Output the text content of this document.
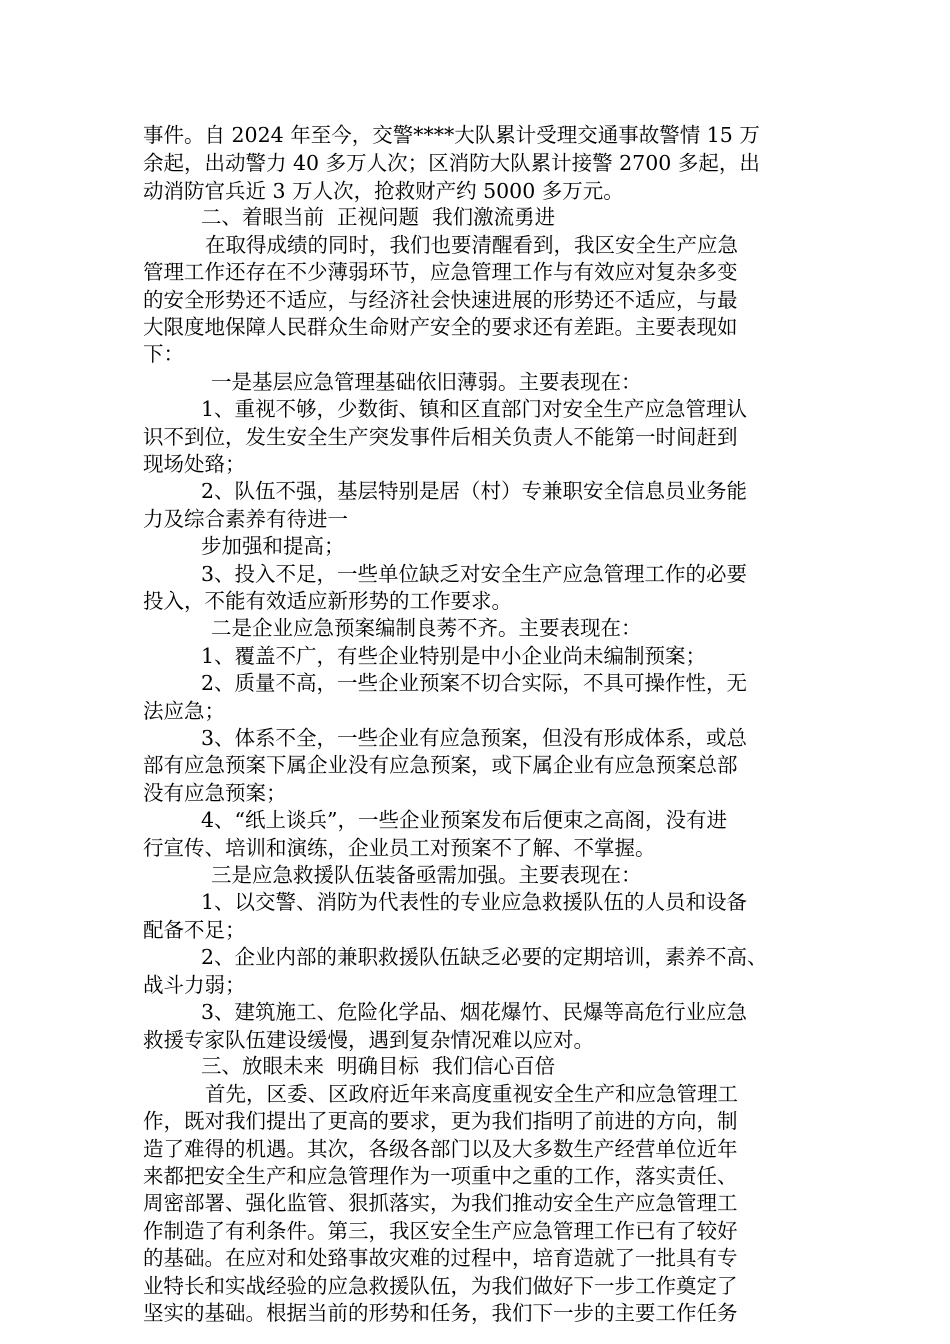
事件。自 2024 年至今，交警****大队累计受理交通事故警情 15 万
余起，出动警力 40 多万人次；区消防大队累计接警 2700 多起，出
动消防官兵近 3 万人次，抢救财产约 5000 多万元。
二、着眼当前  正视问题  我们激流勇进
在取得成绩的同时，我们也要清醒看到，我区安全生产应急
管理工作还存在不少薄弱环节，应急管理工作与有效应对复杂多变
的安全形势还不适应，与经济社会快速进展的形势还不适应，与最
大限度地保障人民群众生命财产安全的要求还有差距。主要表现如
下：
一是基层应急管理基础依旧薄弱。主要表现在：
1、重视不够，少数街、镇和区直部门对安全生产应急管理认
识不到位，发生安全生产突发事件后相关负责人不能第一时间赶到
现场处臵；
2、队伍不强，基层特别是居（村）专兼职安全信息员业务能
力及综合素养有待进一
步加强和提高；
3、投入不足，一些单位缺乏对安全生产应急管理工作的必要
投入，不能有效适应新形势的工作要求。
二是企业应急预案编制良莠不齐。主要表现在：
1、覆盖不广，有些企业特别是中小企业尚未编制预案；
2、质量不高，一些企业预案不切合实际，不具可操作性，无
法应急；
3、体系不全，一些企业有应急预案，但没有形成体系，或总
部有应急预案下属企业没有应急预案，或下属企业有应急预案总部
没有应急预案；
4、“纸上谈兵”，一些企业预案发布后便束之高阁，没有进
行宣传、培训和演练，企业员工对预案不了解、不掌握。
三是应急救援队伍装备亟需加强。主要表现在：
1、以交警、消防为代表性的专业应急救援队伍的人员和设备
配备不足；
2、企业内部的兼职救援队伍缺乏必要的定期培训，素养不高、
战斗力弱；
3、建筑施工、危险化学品、烟花爆竹、民爆等高危行业应急
救援专家队伍建设缓慢，遇到复杂情况难以应对。
三、放眼未来  明确目标  我们信心百倍
首先，区委、区政府近年来高度重视安全生产和应急管理工
作，既对我们提出了更高的要求，更为我们指明了前进的方向，制
造了难得的机遇。其次，各级各部门以及大多数生产经营单位近年
来都把安全生产和应急管理作为一项重中之重的工作，落实责任、
周密部署、强化监管、狠抓落实，为我们推动安全生产应急管理工
作制造了有利条件。第三，我区安全生产应急管理工作已有了较好
的基础。在应对和处臵事故灾难的过程中，培育造就了一批具有专
业特长和实战经验的应急救援队伍，为我们做好下一步工作奠定了
坚实的基础。根据当前的形势和任务，我们下一步的主要工作任务
